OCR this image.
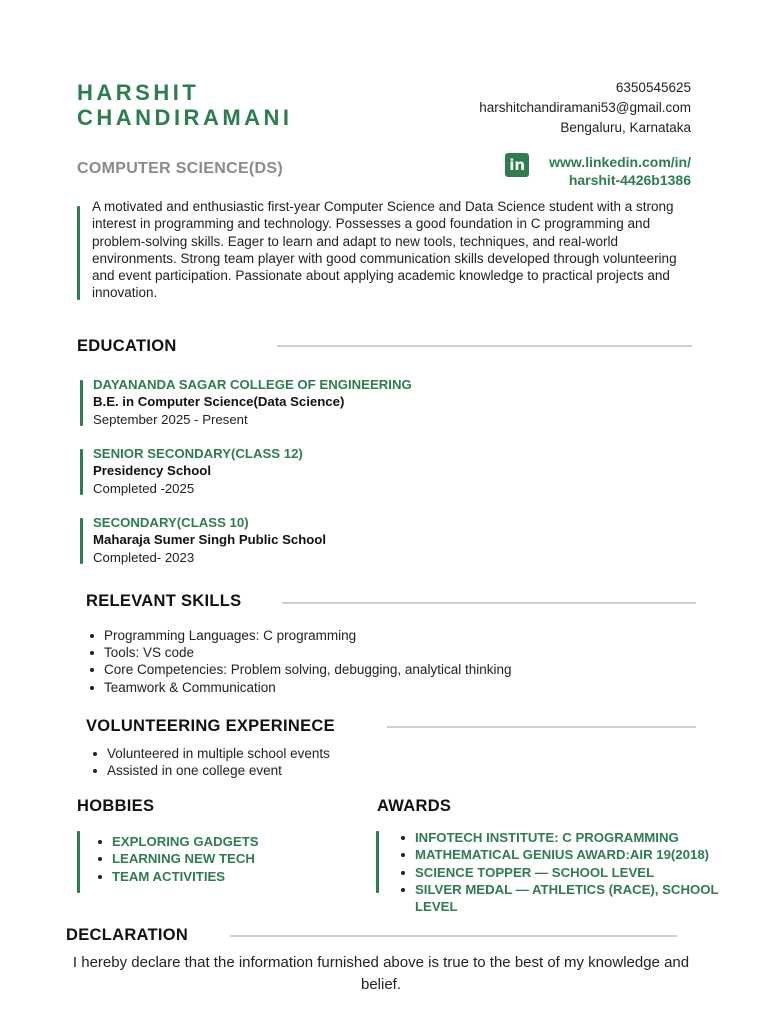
HARSHIT
CHANDIRAMANI
COMPUTER SCIENCE(DS)
6350545625
harshitchandiramani53@gmail.com
Bengaluru, Karnataka
in www.linkedin.com/in/
harshit-4426b1386
A motivated and enthusiastic first-year Computer Science and Data Science student with a strong interest in programming and technology. Possesses a good foundation in C programming and problem-solving skills. Eager to learn and adapt to new tools, techniques, and real-world environments. Strong team player with good communication skills developed through volunteering and event participation. Passionate about applying academic knowledge to practical projects and innovation.
EDUCATION
DAYANANDA SAGAR COLLEGE OF ENGINEERING
B.E. in Computer Science(Data Science)
September 2025 - Present
SENIOR SECONDARY(CLASS 12)
Presidency School
Completed -2025
SECONDARY(CLASS 10)
Maharaja Sumer Singh Public School
Completed- 2023
RELEVANT SKILLS
Programming Languages: C programming
Tools: VS code
Core Competencies: Problem solving, debugging, analytical thinking
Teamwork & Communication
VOLUNTEERING EXPERINECE
Volunteered in multiple school events
Assisted in one college event
HOBBIES
EXPLORING GADGETS
LEARNING NEW TECH
TEAM ACTIVITIES
AWARDS
INFOTECH INSTITUTE: C PROGRAMMING
MATHEMATICAL GENIUS AWARD:AIR 19(2018)
SCIENCE TOPPER — SCHOOL LEVEL
SILVER MEDAL — ATHLETICS (RACE), SCHOOL LEVEL
DECLARATION
I hereby declare that the information furnished above is true to the best of my knowledge and belief.
